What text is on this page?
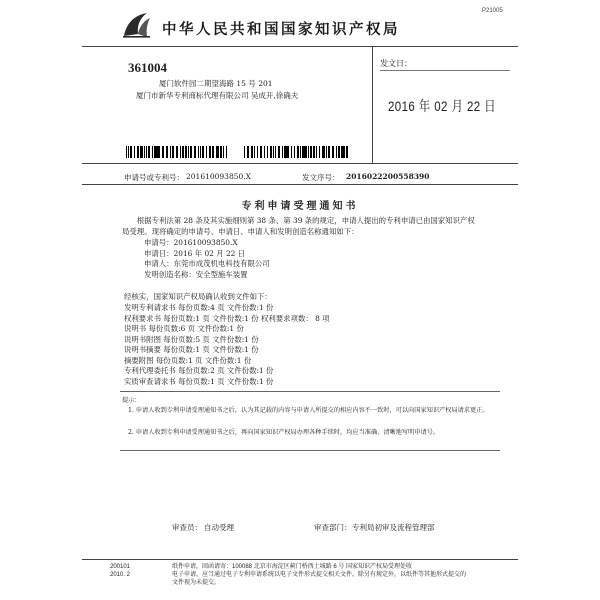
P21005
中华人民共和国国家知识产权局
361004
厦门软件园二期望海路 15 号 201
厦门市新华专利商标代理有限公司 吴成开,徐确夫
发文日：
2016 年 02 月 22 日
申请号或专利号： 201610093850.X	发文序号： 2016022200558390
专利申请受理通知书
根据专利法第 28 条及其实施细则第 38 条、第 39 条的规定，申请人提出的专利申请已由国家知识产权局受理。现将确定的申请号、申请日、申请人和发明创造名称通知如下：
申请号：201610093850.X
申请日：2016 年 02 月 22 日
申请人：东莞市成茂机电科技有限公司
发明创造名称：安全型施车装置
经核实，国家知识产权局确认收到文件如下：
发明专利请求书 每份页数:4 页 文件份数:1 份
权利要求书 每份页数:1 页 文件份数:1 份 权利要求项数： 8 项
说明书 每份页数:6 页 文件份数:1 份
说明书附图 每份页数:5 页 文件份数:1 份
说明书摘要 每份页数:1 页 文件份数:1 份
摘要附图 每份页数:1 页 文件份数:1 份
专利代理委托书 每份页数:2 页 文件份数:1 份
实质审查请求书 每份页数:1 页 文件份数:1 份
提示：
1. 申请人收到专利申请受理通知书之后，认为其记载的内容与申请人所提交的相应内容不一致时，可以向国家知识产权局请求更正。
2. 申请人收到专利申请受理通知书之后，再向国家知识产权局办理各种手续时，均应当准确、清晰地写明申请号。
审查员： 自动受理	审查部门： 专利局初审及流程管理部
200101
2010. 2
纸件申请，回函请寄：100088 北京市海淀区蓟门桥西土城路 6 号 国家知识产权局受理处收
电子申请，应当通过电子专利申请系统以电子文件形式提交相关文件。除另有规定外，以纸件等其他形式提交的
文件视为未提交。
